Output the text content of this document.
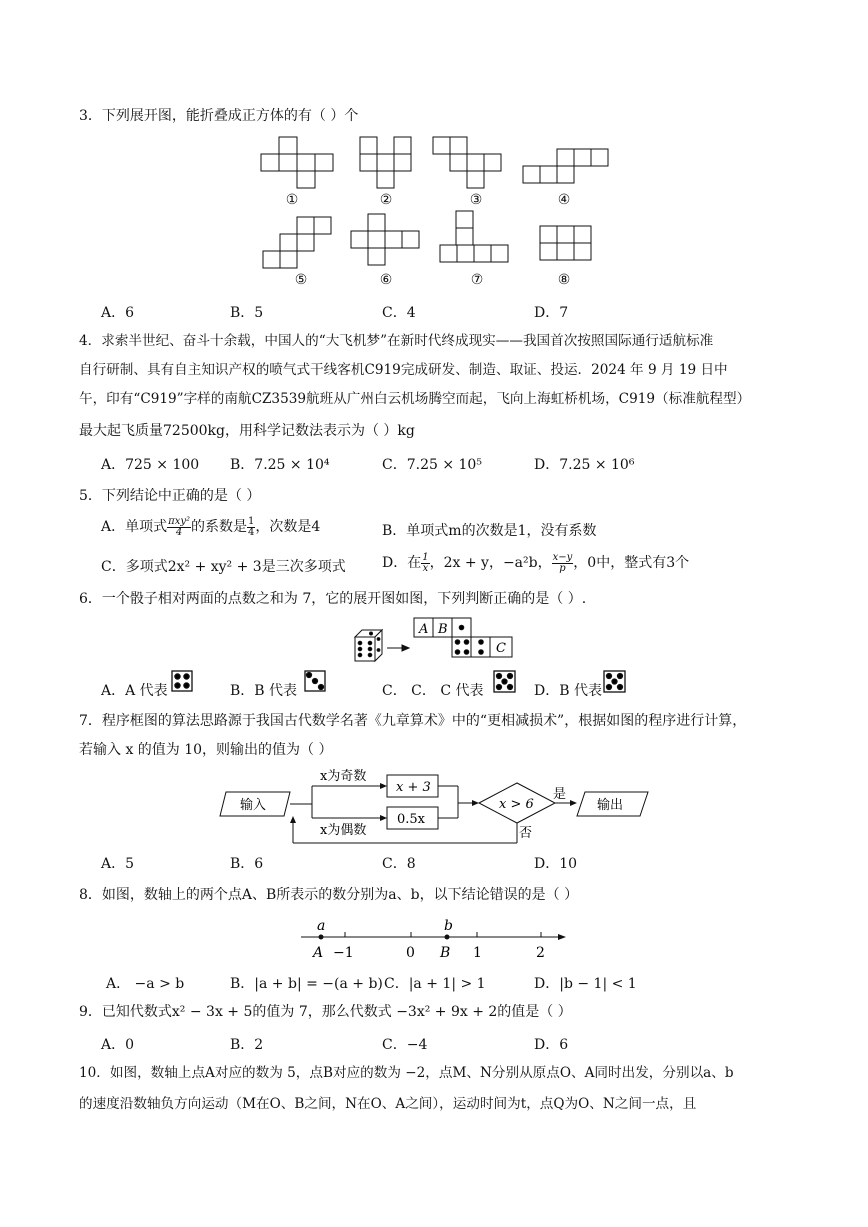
3．下列展开图，能折叠成正方体的有（ ）个
①	②	③	④
⑤	⑥	⑦	⑧
A．6	B．5	C．4	D．7
4．求索半世纪、奋斗十余载，中国人的“大飞机梦”在新时代终成现实——我国首次按照国际通行适航标准
自行研制、具有自主知识产权的喷气式干线客机C919完成研发、制造、取证、投运．2024 年 9 月 19 日中
午，印有“C919”字样的南航CZ3539航班从广州白云机场腾空而起，飞向上海虹桥机场，C919（标准航程型）
最大起飞质量72500kg，用科学记数法表示为（ ）kg
A．725 × 100 B．7.25 × 10⁴	C．7.25 × 10⁵	D．7.25 × 10⁶
5．下列结论中正确的是（ ）
A．单项式 $\frac{\text{πxy²}}{4}$ 的系数是 $\frac{1}{4}$ ，次数是4	B．单项式m的次数是1，没有系数
C．多项式2x² + xy² + 3是三次多项式	D．在 $\frac{1}{x}$ ，2x + y，−a²b， $\frac{x-y}{p}$ ，0中，整式有3个
6．一个骰子相对两面的点数之和为 7，它的展开图如图，下列判断正确的是（ ）.
A B
C
A．A 代表	B．B 代表	C． C． C 代表	D．B 代表
7．程序框图的算法思路源于我国古代数学名著《九章算术》中的“更相减损术”，根据如图的程序进行计算，
若输入 x 的值为 10，则输出的值为（ ）
输入
x为奇数
x为偶数
x + 3
0.5x
x > 6
是
否
输出
A．5	B．6	C．8	D．10
8．如图，数轴上的两个点A、B所表示的数分别为a、b，以下结论错误的是（ ）
a	b
A	B
−1	0	1	2
A． −a > b	B．|a + b| = −(a + b) C．|a + 1| > 1	D．|b − 1| < 1
9．已知代数式x² − 3x + 5的值为 7，那么代数式 −3x² + 9x + 2的值是（ ）
A．0	B．2	C．−4	D．6
10．如图，数轴上点A对应的数为 5，点B对应的数为 −2，点M、N分别从原点O、A同时出发，分别以a、b
的速度沿数轴负方向运动（M在O、B之间，N在O、A之间），运动时间为t，点Q为O、N之间一点，且
